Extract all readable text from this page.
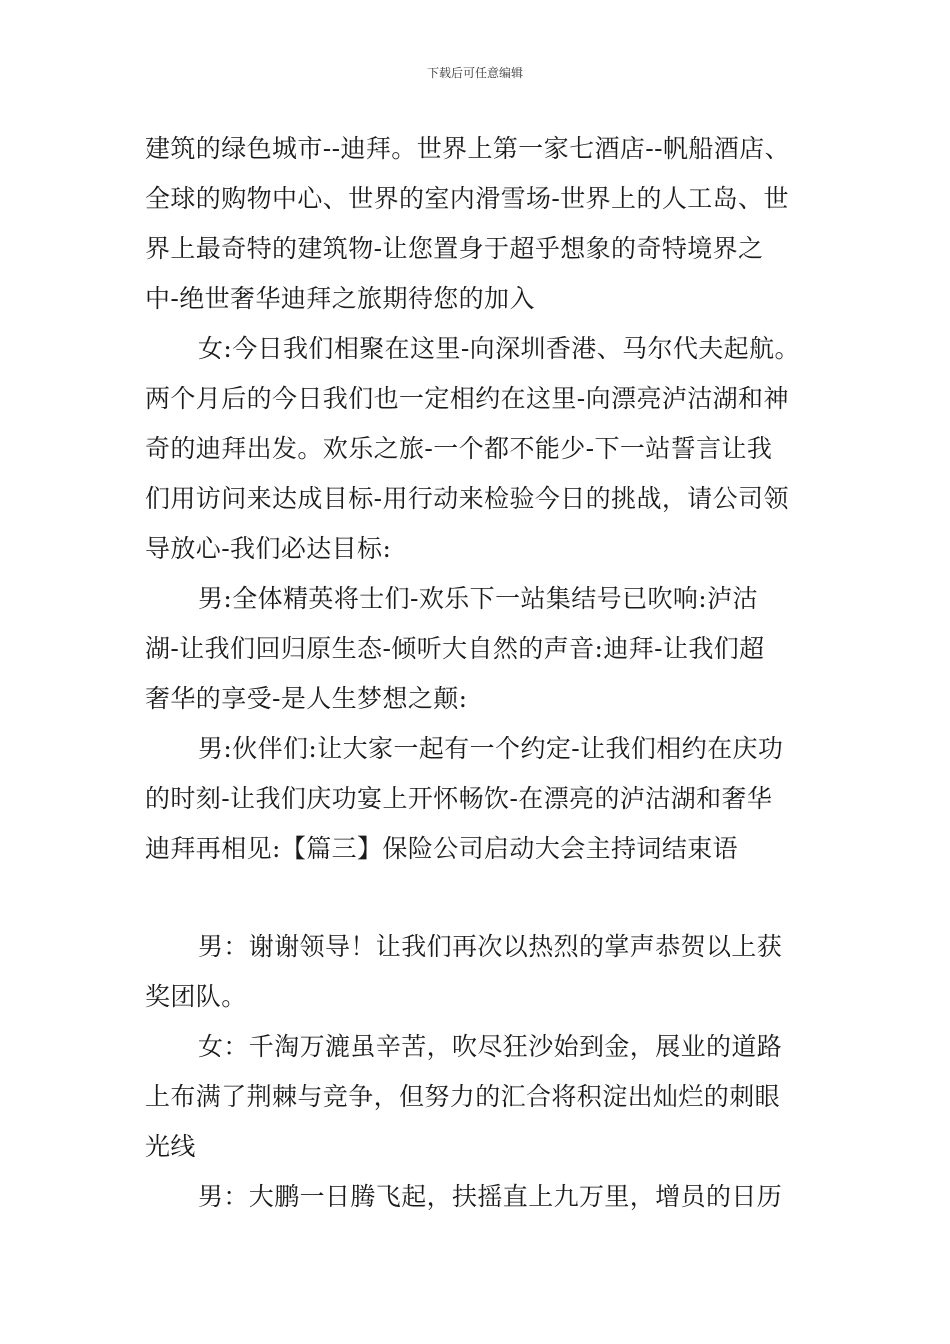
下载后可任意编辑
建筑的绿色城市--迪拜。世界上第一家七酒店--帆船酒店、
全球的购物中心、世界的室内滑雪场-世界上的人工岛、世
界上最奇特的建筑物-让您置身于超乎想象的奇特境界之
中-绝世奢华迪拜之旅期待您的加入
女:今日我们相聚在这里-向深圳香港、马尔代夫起航。
两个月后的今日我们也一定相约在这里-向漂亮泸沽湖和神
奇的迪拜出发。欢乐之旅-一个都不能少-下一站誓言让我
们用访问来达成目标-用行动来检验今日的挑战，请公司领
导放心-我们必达目标:
男:全体精英将士们-欢乐下一站集结号已吹响:泸沽
湖-让我们回归原生态-倾听大自然的声音:迪拜-让我们超
奢华的享受-是人生梦想之颠:
男:伙伴们:让大家一起有一个约定-让我们相约在庆功
的时刻-让我们庆功宴上开怀畅饮-在漂亮的泸沽湖和奢华
迪拜再相见:【篇三】保险公司启动大会主持词结束语
男：谢谢领导！让我们再次以热烈的掌声恭贺以上获
奖团队。
女：千淘万漉虽辛苦，吹尽狂沙始到金，展业的道路
上布满了荆棘与竞争，但努力的汇合将积淀出灿烂的刺眼
光线
男：大鹏一日腾飞起，扶摇直上九万里，增员的日历
